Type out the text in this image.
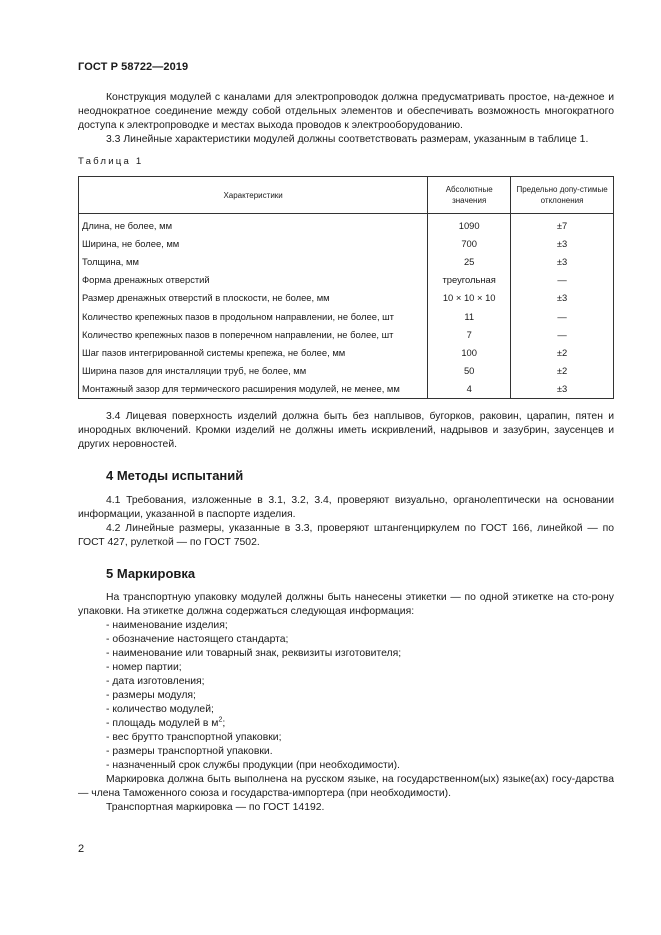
ГОСТ Р 58722—2019
Конструкция модулей с каналами для электропроводок должна предусматривать простое, на-дежное и неоднократное соединение между собой отдельных элементов и обеспечивать возможность многократного доступа к электропроводке и местах выхода проводов к электрооборудованию.
3.3 Линейные характеристики модулей должны соответствовать размерам, указанным в таблице 1.
Таблица 1
Характеристики	Абсолютные значения	Предельно допу-стимые отклонения
Длина, не более, мм	1090	±7
Ширина, не более, мм	700	±3
Толщина, мм	25	±3
Форма дренажных отверстий	треугольная	—
Размер дренажных отверстий в плоскости, не более, мм	10 × 10 × 10	±3
Количество крепежных пазов в продольном направлении, не более, шт	11	—
Количество крепежных пазов в поперечном направлении, не более, шт	7	—
Шаг пазов интегрированной системы крепежа, не более, мм	100	±2
Ширина пазов для инсталляции труб, не более, мм	50	±2
Монтажный зазор для термического расширения модулей, не менее, мм	4	±3
3.4 Лицевая поверхность изделий должна быть без наплывов, бугорков, раковин, царапин, пятен и инородных включений. Кромки изделий не должны иметь искривлений, надрывов и зазубрин, заусенцев и других неровностей.
4 Методы испытаний
4.1 Требования, изложенные в 3.1, 3.2, 3.4, проверяют визуально, органолептически на основании информации, указанной в паспорте изделия.
4.2 Линейные размеры, указанные в 3.3, проверяют штангенциркулем по ГОСТ 166, линейкой — по ГОСТ 427, рулеткой — по ГОСТ 7502.
5 Маркировка
На транспортную упаковку модулей должны быть нанесены этикетки — по одной этикетке на сто-рону упаковки. На этикетке должна содержаться следующая информация:
- наименование изделия;
- обозначение настоящего стандарта;
- наименование или товарный знак, реквизиты изготовителя;
- номер партии;
- дата изготовления;
- размеры модуля;
- количество модулей;
- площадь модулей в $м^2$;
- вес брутто транспортной упаковки;
- размеры транспортной упаковки.
- назначенный срок службы продукции (при необходимости).
Маркировка должна быть выполнена на русском языке, на государственном(ых) языке(ах) госу-дарства — члена Таможенного союза и государства-импортера (при необходимости).
Транспортная маркировка — по ГОСТ 14192.
2
